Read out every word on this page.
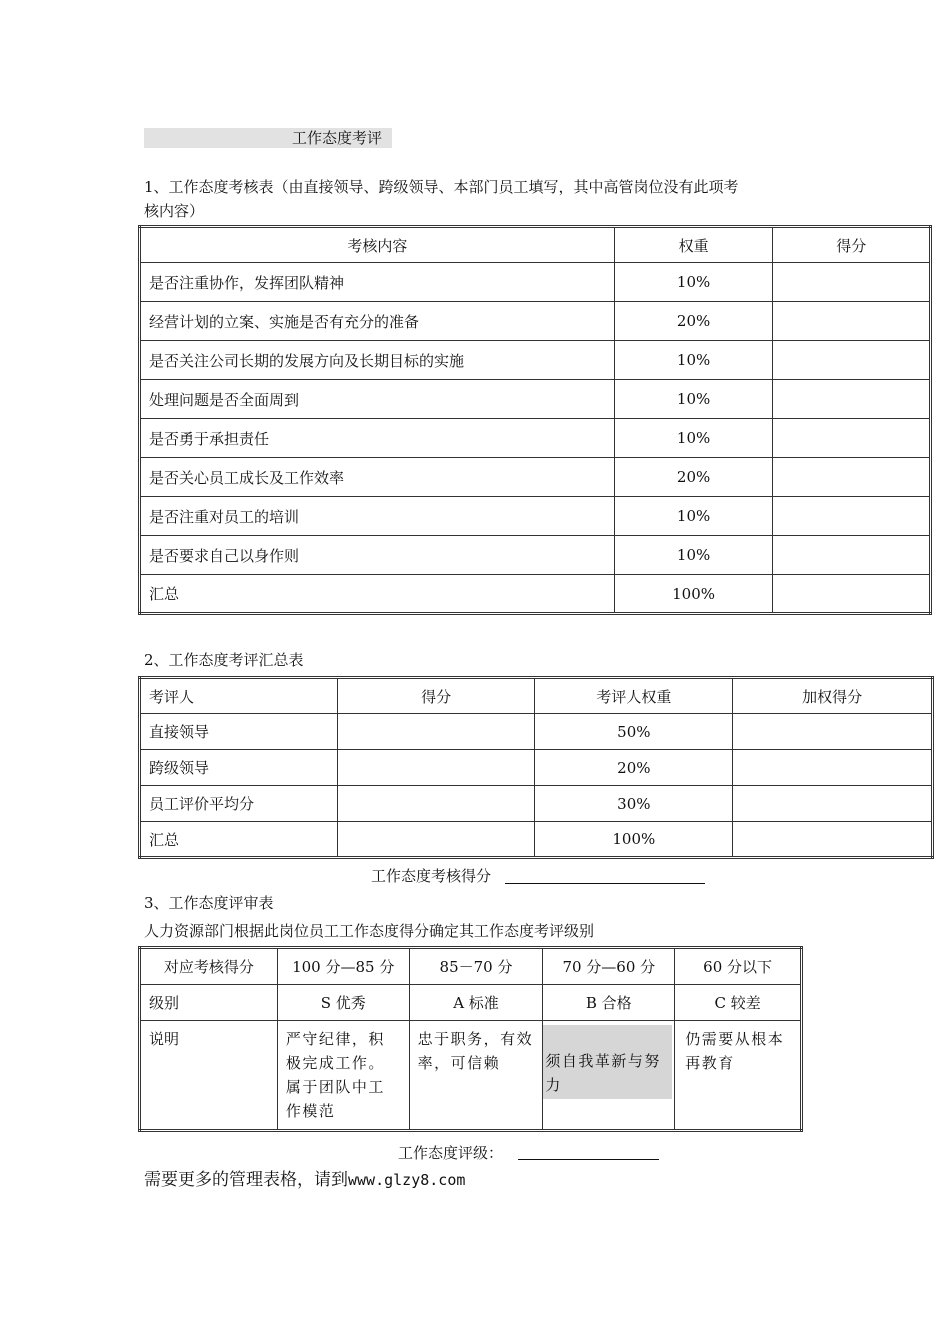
工作态度考评
1、工作态度考核表（由直接领导、跨级领导、本部门员工填写，其中高管岗位没有此项考
核内容）
考核内容	权重	得分
是否注重协作，发挥团队精神	10%	
经营计划的立案、实施是否有充分的准备	20%	
是否关注公司长期的发展方向及长期目标的实施	10%	
处理问题是否全面周到	10%	
是否勇于承担责任	10%	
是否关心员工成长及工作效率	20%	
是否注重对员工的培训	10%	
是否要求自己以身作则	10%	
汇总	100%	
2、工作态度考评汇总表
考评人	得分	考评人权重	加权得分
直接领导		50%	
跨级领导		20%	
员工评价平均分		30%	
汇总		100%	
工作态度考核得分
3、工作态度评审表
人力资源部门根据此岗位员工工作态度得分确定其工作态度考评级别
对应考核得分	100 分—85 分	85－70 分	70 分—60 分	60 分以下
级别	S 优秀	A 标准	B 合格	C 较差
说明	严守纪律，积极完成工作。属于团队中工作模范	忠于职务，有效率，可信赖	须自我革新与努力	仍需要从根本再教育
工作态度评级：
需要更多的管理表格，请到www.glzy8.com
